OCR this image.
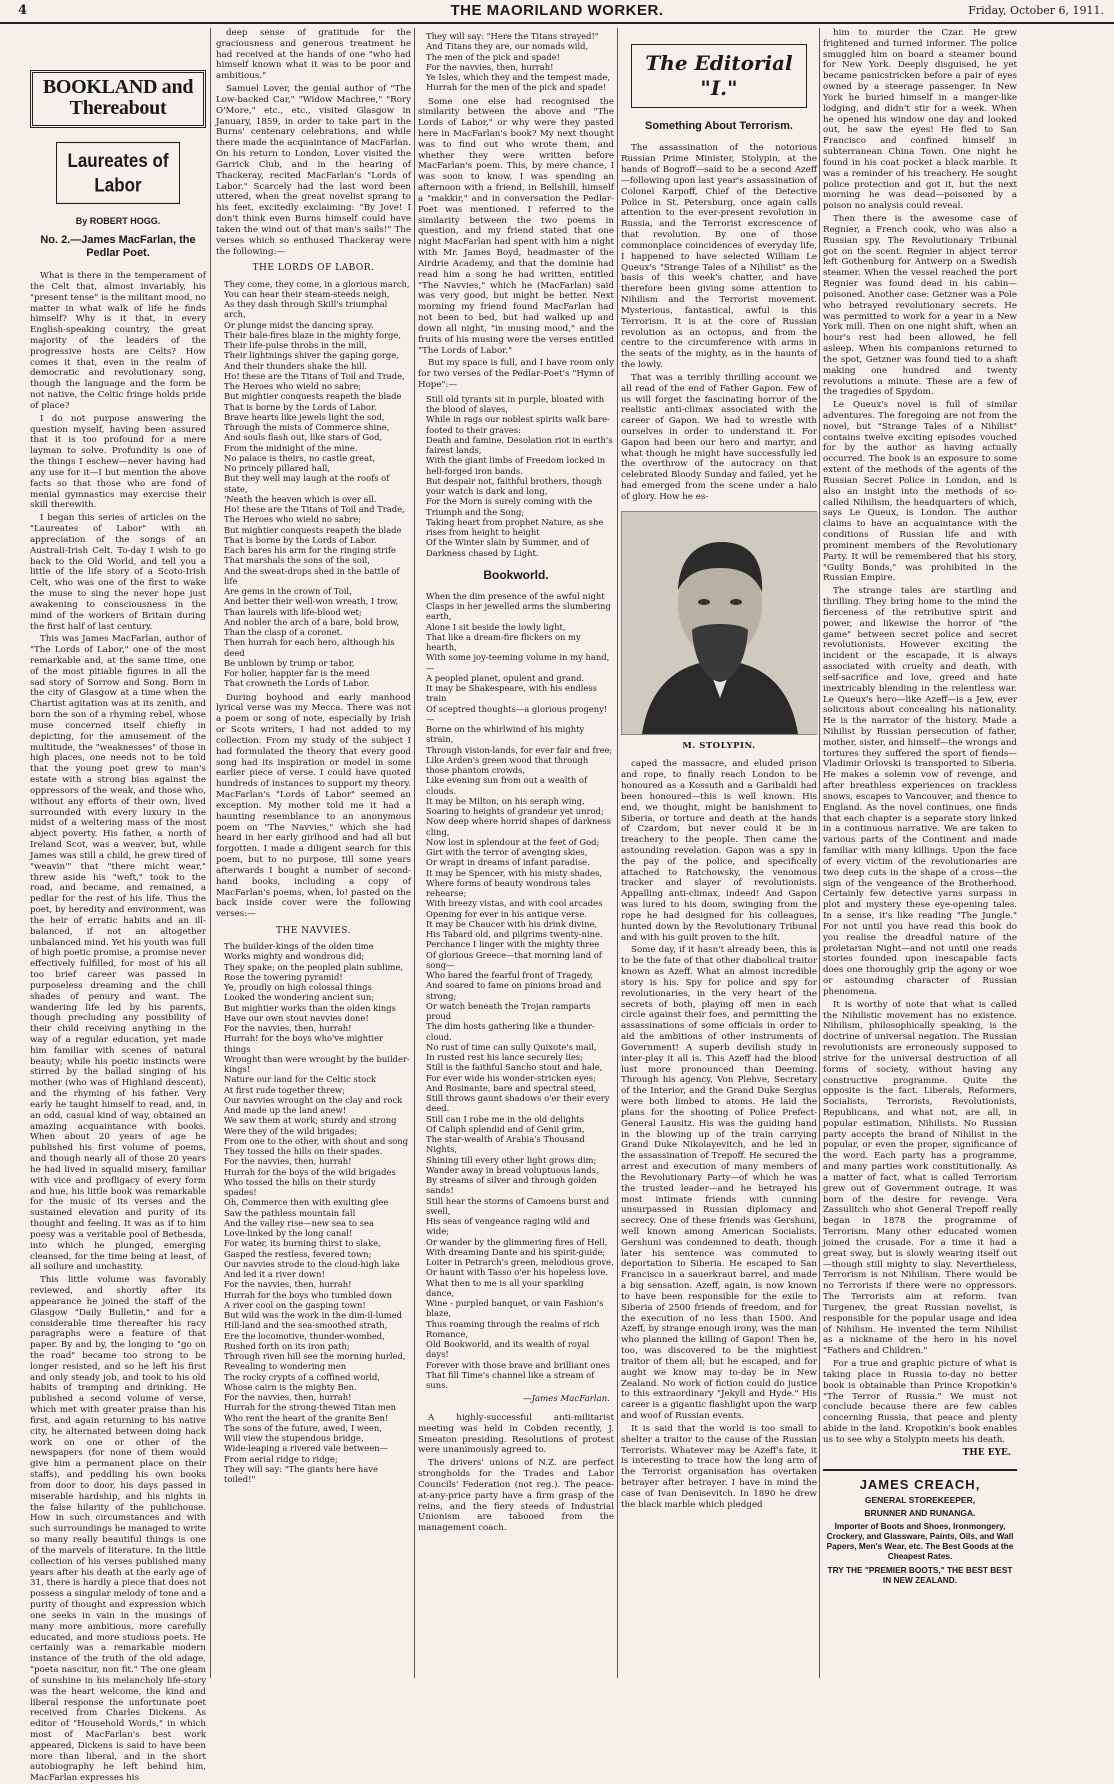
4	THE MAORILAND WORKER.	Friday, October 6, 1911.
BOOKLAND and Thereabout
Laureates of Labor
By ROBERT HOGG.
No. 2.—James MacFarlan, the Pedlar Poet.

What is there in the temperament of the Celt that, almost invariably, his "present tense" is the militant mood, no matter in what walk of life he finds himself? Why is it that, in every English-speaking country, the great majority of the leaders of the progressive hosts are Celts? How comes it that, even in the realm of democratic and revolutionary song, though the language and the form be not native, the Celtic fringe holds pride of place?

I do not purpose answering the question myself, having been assured that it is too profound for a mere layman to solve. Profundity is one of the things I eschew—never having had any use for it—I but mention the above facts so that those who are fond of menial gymnastics may exercise their skill therewith.

I began this series of articles on the "Laureates of Labor" with an appreciation of the songs of an Australi-Irish Celt. To-day I wish to go back to the Old World, and tell you a little of the life story of a Scoto-Irish Celt, who was one of the first to wake the muse to sing the never hope just awakening to consciousness in the mind of the workers of Britain during the first half of last century.

This was James MacFarlan, author of "The Lords of Labor," one of the most remarkable and, at the same time, one of the most pitiable figures in all the sad story of Sorrow and Song. Born in the city of Glasgow at a time when the Chartist agitation was at its zenith, and born the son of a rhyming rebel, whose muse concerned itself chiefly in depicting, for the amusement of the multitude, the "weaknesses" of those in high places, one needs not to be told that the young poet grew to man's estate with a strong bias against the oppressors of the weak, and those who, without any efforts of their own, lived surrounded with every luxury in the midst of a weltering mass of the most abject poverty. His father, a north of Ireland Scot, was a weaver, but, while James was still a child, he grew tired of "weavin'" that "there micht wear," threw aside his "weft," took to the road, and became, and remained, a pedlar for the rest of his life. Thus the poet, by heredity and environment, was the heir of erratic habits and an ill-balanced, if not an altogether unbalanced mind. Yet his youth was full of high poetic promise, a promise never effectively fulfilled, for most of his all too brief career was passed in purposeless dreaming and the chill shades of penury and want. The wandering life led by his parents, though precluding any possibility of their child receiving anything in the way of a regular education, yet made him familiar with scenes of natural beauty; while his poetic instincts were stirred by the ballad singing of his mother (who was of Highland descent), and the rhyming of his father. Very early he taught himself to read, and, in an odd, casual kind of way, obtained an amazing acquaintance with books. When about 20 years of age he published his first volume of poems, and though nearly all of those 20 years he had lived in squalid misery, familiar with vice and profligacy of every form and hue, his little book was remarkable for the music of its verses and the sustained elevation and purity of its thought and feeling. It was as if to him poesy was a veritable pool of Bethesda, into which he plunged, emerging cleansed, for the time being at least, of all soilure and unchastity.

This little volume was favorably reviewed, and shortly after its appearance he joined the staff of the Glasgow "Daily Bulletin," and for a considerable time thereafter his racy paragraphs were a feature of that paper. By and by, the longing to "go on the road" became too strong to be longer resisted, and so he left his first and only steady job, and took to his old habits of tramping and drinking. He published a second volume of verse, which met with greater praise than his first, and again returning to his native city, he alternated between doing hack work on one or other of the newspapers (for none of them would give him a permanent place on their staffs), and peddling his own books from door to door, his days passed in miserable hardship, and his nights in the false hilarity of the publichouse. How in such circumstances and with such surroundings he managed to write so many really beautiful things is one of the marvels of literature. In the little collection of his verses published many years after his death at the early age of 31, there is hardly a piece that does not possess a singular melody of tone and a purity of thought and expression which one seeks in vain in the musings of many more ambitious, more carefully educated, and more studious poets. He certainly was a remarkable modern instance of the truth of the old adage, "poeta nascitur, non fit." The one gleam of sunshine in his melancholy life-story was the heart welcome, the kind and liberal response the unfortunate poet received from Charles Dickens. As editor of "Household Words," in which most of MacFarlan's best work appeared, Dickens is said to have been more than liberal, and in the short autobiography he left behind him, MacFarlan expresses his

deep sense of gratitude for the graciousness and generous treatment he had received at the hands of one "who had himself known what it was to be poor and ambitious."

Samuel Lover, the genial author of "The Low-backed Car," "Widow Machree," "Rory O'More," etc., etc., visited Glasgow in January, 1859, in order to take part in the Burns' centenary celebrations, and while there made the acquaintance of MacFarlan. On his return to London, Lover visited the Garrick Club, and in the hearing of Thackeray, recited MacFarlan's "Lords of Labor." Scarcely had the last word been uttered, when the great novelist sprang to his feet, excitedly exclaiming: "By Jove! I don't think even Burns himself could have taken the wind out of that man's sails!" The verses which so enthused Thackeray were the following:—

THE LORDS OF LABOR.
They come, they come, in a glorious march,
You can hear their steam-steeds neigh,
As they dash through Skill's triumphal arch,
Or plunge midst the dancing spray.
Their bale-fires blaze in the mighty forge,
Their life-pulse throbs in the mill,
Their lightnings shiver the gaping gorge,
And their thunders shake the hill.
Ho! these are the Titans of Toil and Trade,
The Heroes who wield no sabre;
But mightier conquests reapeth the blade
That is borne by the Lords of Labor.
Brave hearts like jewels light the sod,
Through the mists of Commerce shine,
And souls flash out, like stars of God,
From the midnight of the mine.
No palace is theirs, no castle great,
No princely pillared hall,
But they well may laugh at the roofs of state,
'Neath the heaven which is over all.
Ho! these are the Titans of Toil and Trade,
The Heroes who wield no sabre;
But mightier conquests reapeth the blade
That is borne by the Lords of Labor.
Each bares his arm for the ringing strife
That marshals the sons of the soil,
And the sweat-drops shed in the battle of life
Are gems in the crown of Toil,
And better their well-won wreath, I trow,
Than laurels with life-blood wet;
And nobler the arch of a bare, bold brow,
Than the clasp of a coronet.
Then hurrah for each hero, although his deed
Be unblown by trump or tabor,
For holier, happier far is the meed
That crowneth the Lords of Labor.

During boyhood and early manhood lyrical verse was my Mecca. There was not a poem or song of note, especially by Irish or Scots writers, I had not added to my collection. From my study of the subject I had formulated the theory that every good song had its inspiration or model in some earlier piece of verse. I could have quoted hundreds of instances to support my theory. MacFarlan's "Lords of Labor" seemed an exception. My mother told me it had a haunting resemblance to an anonymous poem on "The Navvies," which she had heard in her early girlhood and had all but forgotten. I made a diligent search for this poem, but to no purpose, till some years afterwards I bought a number of second-hand books, including a copy of MacFarlan's poems, when, lo! pasted on the back inside cover were the following verses:—

THE NAVVIES.
The builder-kings of the olden time
Works mighty and wondrous did;
They spake; on the peopled plain sublime,
Rose the towering pyramid!
Ye, proudly on high colossal things
Looked the wondering ancient sun;
But mightier works than the olden kings
Have our own stout navvies done!
For the navvies, then, hurrah!
Hurrah! for the boys who've mightier things
Wrought than were wrought by the builder-kings!
Nature our land for the Celtic stock
At first rude together threw;
Our navvies wrought on the clay and rock
And made up the land anew!
We saw them at work; sturdy and strong
Were they of the wild brigades;
From one to the other, with shout and song
They tossed the hills on their spades.
For the navvies, then, hurrah!
Hurrah for the boys of the wild brigades
Who tossed the hills on their sturdy spades!
Oh, Commerce then with exulting glee
Saw the pathless mountain fall
And the valley rise—new sea to sea
Love-linked by the long canal!
For water, its burning thirst to slake,
Gasped the restless, fevered town;
Our navvies strode to the cloud-high lake
And led it a river down!
For the navvies, then, hurrah!
Hurrah for the boys who tumbled down
A river cool on the gasping town!
But wild was the work in the dim-il-lumed
Hill-land and the sea-smoothed strath,
Ere the locomotive, thunder-wombed,
Rushed forth on its iron path;
Through riven hill see the morning hurled,
Revealing to wondering men
The rocky crypts of a coffined world,
Whose cairn is the mighty Ben.
For the navvies, then, hurrah!
Hurrah for the strong-thewed Titan men
Who rent the heart of the granite Ben!
The sons of the future, awed, I ween,
Will view the stupendous bridge,
Wide-leaping a rivered vale between—
From aerial ridge to ridge;
They will say: "The giants here have toiled!"
They will say: "Here the Titans strayed!"
And Titans they are, our nomads wild,
The men of the pick and spade!
For the navvies, then, hurrah!
Ye Isles, which they and the tempest made,
Hurrah for the men of the pick and spade!

Some one else had recognised the similarity between the above and "The Lords of Labor," or why were they pasted here in MacFarlan's book? My next thought was to find out who wrote them, and whether they were written before MacFarlan's poem. This, by mere chance, I was soon to know. I was spending an afternoon with a friend, in Bellshill, himself a "makkir," and in conversation the Pedlar-Poet was mentioned. I referred to the similarity between the two poems in question, and my friend stated that one night MacFarlan had spent with him a night with Mr. James Boyd, headmaster of the Airdrie Academy, and that the dominie had read him a song he had written, entitled "The Navvies," which he (MacFarlan) said was very good, but might be better. Next morning my friend found MacFarlan had not been to bed, but had walked up and down all night, "in musing mood," and the fruits of his musing were the verses entitled "The Lords of Labor."

But my space is full, and I have room only for two verses of the Pedlar-Poet's "Hymn of Hope":—

Still old tyrants sit in purple, bloated with the blood of slaves,
While in rags our noblest spirits walk bare-footed to their graves:
Death and famine, Desolation riot in earth's fairest lands,
With the giant limbs of Freedom locked in hell-forged iron bands.
But despair not, faithful brothers, though your watch is dark and long,
For the Morn is surely coming with the Triumph and the Song;
Taking heart from prophet Nature, as she rises from height to height
Of the Winter slain by Summer, and of Darkness chased by Light.
Bookworld.
When the dim presence of the awful night
Clasps in her jewelled arms the slumbering earth,
Alone I sit beside the lowly light,
That like a dream-fire flickers on my hearth,
With some joy-teeming volume in my hand,—
A peopled planet, opulent and grand.
It may be Shakespeare, with his endless train
Of sceptred thoughts—a glorious progeny!—
Borne on the whirlwind of his mighty strain,
Through vision-lands, for ever fair and free;
Like Arden's green wood that through those phantom crowds,
Like evening sun from out a wealth of clouds.
It may be Milton, on his seraph wing,
Soaring to heights of grandeur yet unrod;
Now deep where horrid shapes of darkness cling,
Now lost in splendour at the feet of God;
Girt with the terror of avenging skies,
Or wrapt in dreams of infant paradise.
It may be Spencer, with his misty shades,
Where forms of beauty wondrous tales rehearse;
With breezy vistas, and with cool arcades
Opening for ever in his antique verse.
It may be Chaucer with his drink divine,
His Tabard old, and pilgrims twenty-nine.
Perchance I linger with the mighty three
Of glorious Greece—that morning land of song—
Who bared the fearful front of Tragedy,
And soared to fame on pinions broad and strong;
Or watch beneath the Trojan ramparts proud
The dim hosts gathering like a thunder-cloud.
No rust of time can sully Quixote's mail,
In rusted rest his lance securely lies;
Still is the faithful Sancho stout and hale,
For ever wide his wonder-stricken eyes;
And Rosinante, bare and spectral steed,
Still throws gaunt shadows o'er their every deed.
Still can I robe me in the old delights
Of Caliph splendid and of Genii grim,
The star-wealth of Arabia's Thousand Nights,
Shining till every other light grows dim;
Wander away in bread voluptuous lands,
By streams of silver and through golden sands!
Still hear the storms of Camoens burst and swell,
His seas of vengeance raging wild and wide;
Or wander by the glimmering fires of Hell,
With dreaming Dante and his spirit-guide;
Loiter in Petrarch's green, melodious grove,
Or haunt with Tasso o'er his hopeless love.
What then to me is all your sparkling dance,
Wine - purpled banquet, or vain Fashion's blaze,
Thus roaming through the realms of rich Romance,
Old Bookworld, and its wealth of royal days!
Forever with those brave and brilliant ones
That fill Time's channel like a stream of suns.
—James MacFarlan.

A highly-successful anti-militarist meeting was held in Cobden recently, J. Smeaton presiding. Resolutions of protest were unanimously agreed to.

The drivers' unions of N.Z. are perfect strongholds for the Trades and Labor Councils' Federation (not reg.). The peace-at-any-price party have a firm grasp of the reins, and the fiery steeds of Industrial Unionism are tabooed from the management coach.

The Editorial "I."
Something About Terrorism.

The assassination of the notorious Russian Prime Minister, Stolypin, at the hands of Bogroff—said to be a second Azeff—following upon last year's assassination of Colonel Karpoff, Chief of the Detective Police in St. Petersburg, once again calls attention to the ever-present revolution in Russia, and the Terrorist excrescence of that revolution. By one of those commonplace coincidences of everyday life, I happened to have selected William Le Queux's "Strange Tales of a Nihilist" as the basis of this week's chatter, and have therefore been giving some attention to Nihilism and the Terrorist movement. Mysterious, fantastical, awful is this Terrorism. It is at the core of Russian revolution as an octopus, and from the centre to the circumference with arms in the seats of the mighty, as in the haunts of the lowly.

That was a terribly thrilling account we all read of the end of Father Gapon. Few of us will forget the fascinating horror of the realistic anti-climax associated with the career of Gapon. We had to wrestle with ourselves in order to understand it. For Gapon had been our hero and martyr, and what though he might have successfully led the overthrow of the autocracy on that celebrated Bloody Sunday and failed, yet he had emerged from the scene under a halo of glory. How he es-

M. STOLYPIN.

caped the massacre, and eluded prison and rope, to finally reach London to be honoured as a Kossuth and a Garibaldi had been honoured—this is well known. His end, we thought, might be banishment to Siberia, or torture and death at the hands of Czardom, but never could it be in treachery to the people. Then came the astounding revelation. Gapon was a spy in the pay of the police, and specifically attached to Ratchowsky, the venomous tracker and slayer of revolutionists. Appalling anti-climax, indeed! And Gapon was lured to his doom, swinging from the rope he had designed for his colleagues, hunted down by the Revolutionary Tribunal and with his guilt proven to the hilt.

Some day, if it hasn't already been, this is to be the fate of that other diabolical traitor known as Azeff. What an almost incredible story is his. Spy for police and spy for revolutionaries, in the very heart of the secrets of both, playing off men in each circle against their foes, and permitting the assassinations of some officials in order to aid the ambitions of other instruments of Government! A superb devilish study in inter-play it all is. This Azeff had the blood lust more pronounced than Deeming. Through his agency, Von Plehve, Secretary of the Interior, and the Grand Duke Sergius were both limbed to atoms. He laid the plans for the shooting of Police Prefect-General Lausitz. His was the guiding hand in the blowing up of the train carrying Grand Duke Nikolayevitch, and he led in the assassination of Trepoff. He secured the arrest and execution of many members of the Revolutionary Party—of which he was the trusted leader—and he betrayed his most intimate friends with cunning unsurpassed in Russian diplomacy and secrecy. One of these friends was Gershuni, well known among American Socialists. Gershuni was condemned to death, though later his sentence was commuted to deportation to Siberia. He escaped to San Francisco in a sauerkraut barrel, and made a big sensation. Azeff, again, is now known to have been responsible for the exile to Siberia of 2500 friends of freedom, and for the execution of no less than 1500. And Azeff, by strange enough irony, was the man who planned the killing of Gapon! Then he, too, was discovered to be the mightiest traitor of them all; but he escaped, and for aught we know may to-day be in New Zealand. No work of fiction could do justice to this extraordinary "Jekyll and Hyde." His career is a gigantic flashlight upon the warp and woof of Russian events.

It is said that the world is too small to shelter a traitor to the cause of the Russian Terrorists. Whatever may be Azeff's fate, it is interesting to trace how the long arm of the Terrorist organisation has overtaken betrayer after betrayer. I have in mind the case of Ivan Denisevitch. In 1890 he drew the black marble which pledged

him to murder the Czar. He grew frightened and turned informer. The police smuggled him on board a steamer bound for New York. Deeply disguised, he yet became panicstricken before a pair of eyes owned by a steerage passenger. In New York he buried himself in a manger-like lodging, and didn't stir for a week. When he opened his window one day and looked out, he saw the eyes! He fled to San Francisco and confined himself in subterranean China Town. One night he found in his coat pocket a black marble. It was a reminder of his treachery. He sought police protection and got it, but the next morning he was dead—poisoned by a poison no analysis could reveal.

Then there is the awesome case of Regnier, a French cook, who was also a Russian spy. The Revolutionary Tribunal got on the scent. Regnier in abject terror left Gothenburg for Antwerp on a Swedish steamer. When the vessel reached the port Regnier was found dead in his cabin—poisoned. Another case: Getzner was a Pole who betrayed revolutionary secrets. He was permitted to work for a year in a New York mill. Then on one night shift, when an hour's rest had been allowed, he fell asleep. When his companions returned to the spot, Getzner was found tied to a shaft making one hundred and twenty revolutions a minute. These are a few of the tragedies of Spydom.

Le Queux's novel is full of similar adventures. The foregoing are not from the novel, but "Strange Tales of a Nihilist" contains twelve exciting episodes vouched for by the author as having actually occurred. The book is an exposure to some extent of the methods of the agents of the Russian Secret Police in London, and is also an insight into the methods of so-called Nihilism, the headquarters of which, says Le Queux, is London. The author claims to have an acquaintance with the conditions of Russian life and with prominent members of the Revolutionary Party. It will be remembered that his story, "Guilty Bonds," was prohibited in the Russian Empire.

The strange tales are startling and thrilling. They bring home to the mind the fierceness of the retributive spirit and power, and likewise the horror of "the game" between secret police and secret revolutionists. However exciting the incident or the escapade, it is always associated with cruelty and death, with self-sacrifice and love, greed and hate inextricably blending in the relentless war. Le Queux's hero—like Azeff—is a Jew, ever solicitous about concealing his nationality. He is the narrator of the history. Made a Nihilist by Russian persecution of father, mother, sister, and himself—the wrongs and tortures they suffered the sport of fiends—Vladimir Orlovski is transported to Siberia. He makes a solemn vow of revenge, and after breathless experiences on trackless snows, escapes to Vancouver, and thence to England. As the novel continues, one finds that each chapter is a separate story linked in a continuous narrative. We are taken to various parts of the Continent and made familiar with many killings. Upon the face of every victim of the revolutionaries are two deep cuts in the shape of a cross—the sign of the vengeance of the Brotherhood. Certainly few detective yarns surpass in plot and mystery these eye-opening tales. In a sense, it's like reading "The Jungle." For not until you have read this book do you realise the dreadful nature of the proletarian Night—and not until one reads stories founded upon inescapable facts does one thoroughly grip the agony or woe or astounding character of Russian phenomena.

It is worthy of note that what is called the Nihilistic movement has no existence. Nihilism, philosophically speaking, is the doctrine of universal negation. The Russian revolutionists are erroneously supposed to strive for the universal destruction of all forms of society, without having any constructive programme. Quite the opposite is the fact. Liberals, Reformers, Socialists, Terrorists, Revolutionists, Republicans, and what not, are all, in popular estimation, Nihilists. No Russian party accepts the brand of Nihilist in the popular, or even the proper, significance of the word. Each party has a programme, and many parties work constitutionally. As a matter of fact, what is called Terrorism grew out of Government outrage. It was born of the desire for revenge. Vera Zassulitch who shot General Trepoff really began in 1878 the programme of Terrorism. Many other educated women joined the crusade. For a time it had a great sway, but is slowly wearing itself out—though still mighty to slay. Nevertheless, Terrorism is not Nihilism. There would be no Terrorists if there were no oppressors. The Terrorists aim at reform. Ivan Turgenev, the great Russian novelist, is responsible for the popular usage and idea of Nihilism. He invented the term Nihilist as a nickname of the hero in his novel "Fathers and Children."

For a true and graphic picture of what is taking place in Russia to-day no better book is obtainable than Prince Kropotkin's "The Terror of Russia." We must not conclude because there are few cables concerning Russia, that peace and plenty abide in the land. Kropotkin's book enables us to see why a Stolypin meets his death.

THE EYE.
JAMES CREACH,
GENERAL STOREKEEPER,
BRUNNER AND RUNANGA.
Importer of Boots and Shoes, Ironmongery, Crockery, and Glassware, Paints, Oils, and Wall Papers, Men's Wear, etc. The Best Goods at the Cheapest Rates.
TRY THE "PREMIER BOOTS," THE BEST BEST IN NEW ZEALAND.
